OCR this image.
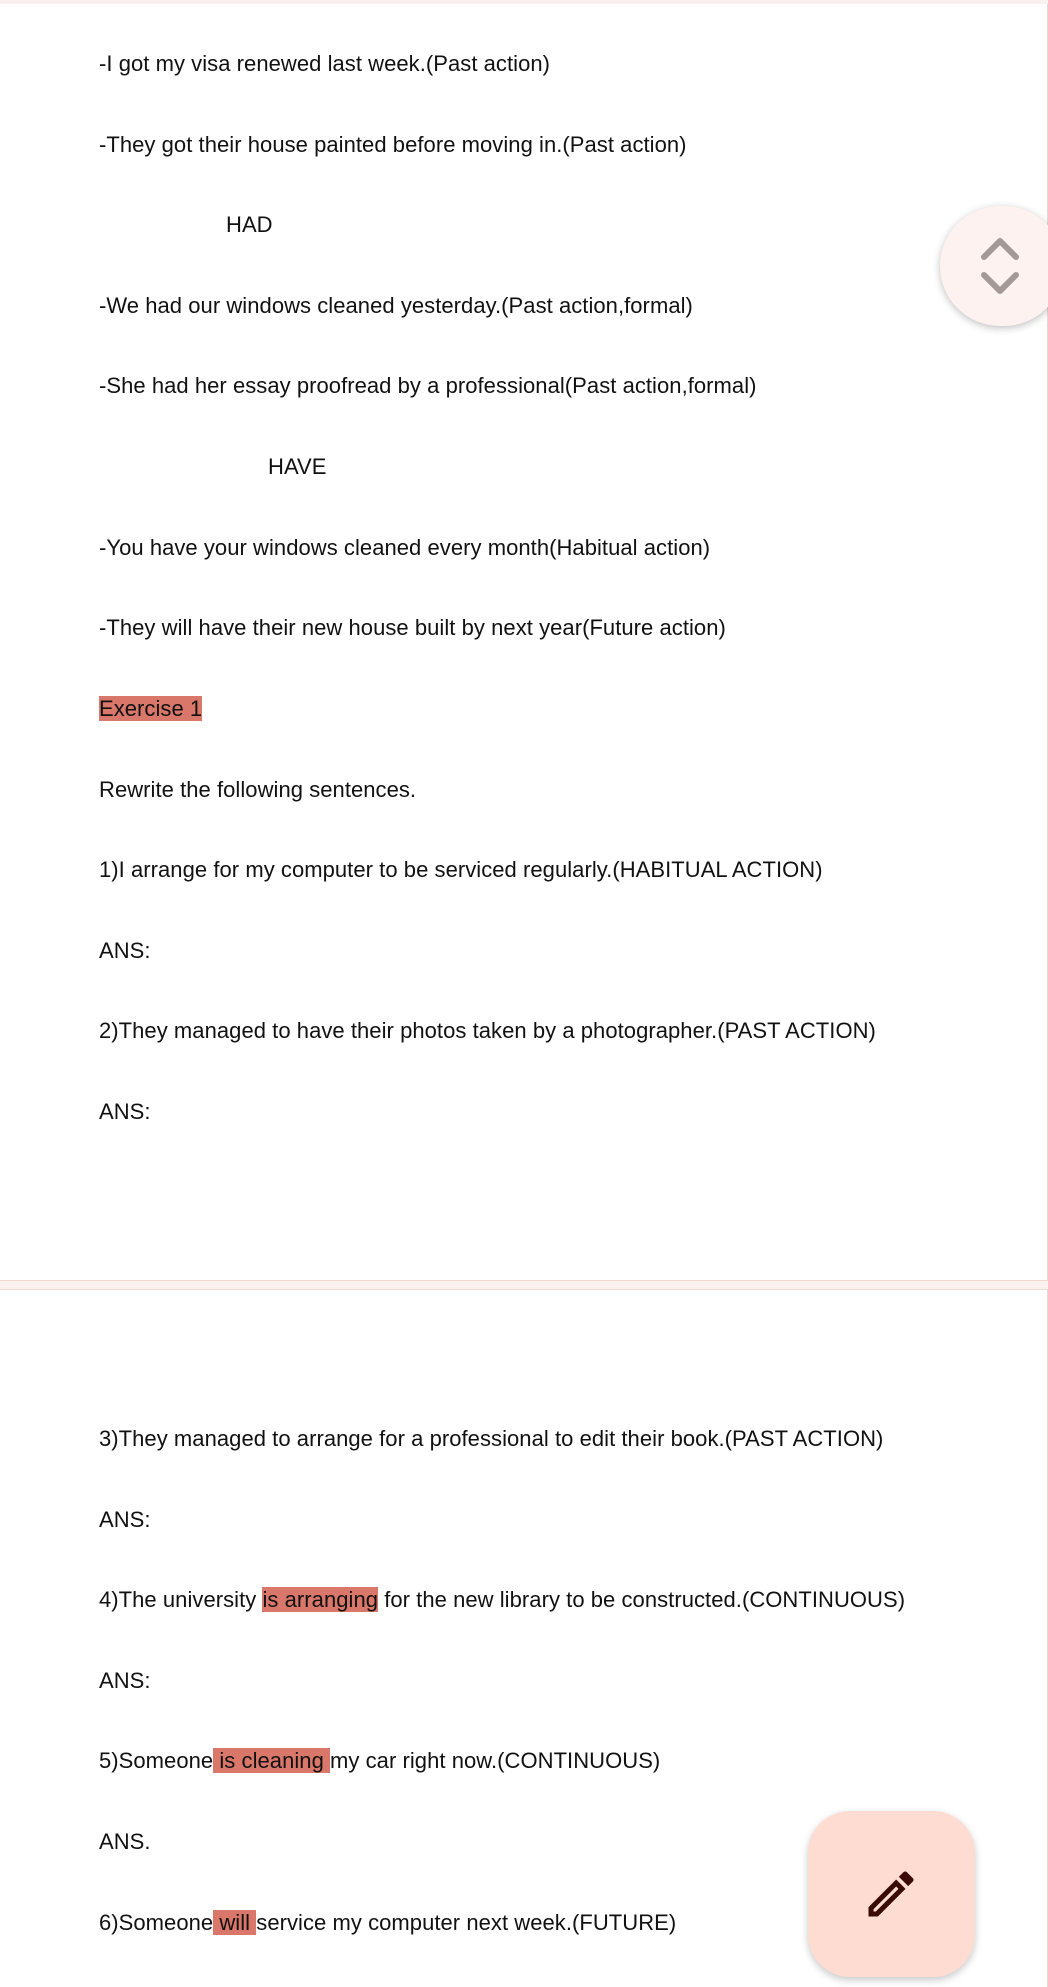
-I got my visa renewed last week.(Past action)
-They got their house painted before moving in.(Past action)
HAD
-We had our windows cleaned yesterday.(Past action,formal)
-She had her essay proofread by a professional(Past action,formal)
HAVE
-You have your windows cleaned every month(Habitual action)
-They will have their new house built by next year(Future action)
Exercise 1
Rewrite the following sentences.
1)I arrange for my computer to be serviced regularly.(HABITUAL ACTION)
ANS:
2)They managed to have their photos taken by a photographer.(PAST ACTION)
ANS:
3)They managed to arrange for a professional to edit their book.(PAST ACTION)
ANS:
4)The university is arranging for the new library to be constructed.(CONTINUOUS)
ANS:
5)Someone is cleaning my car right now.(CONTINUOUS)
ANS.
6)Someone will service my computer next week.(FUTURE)
